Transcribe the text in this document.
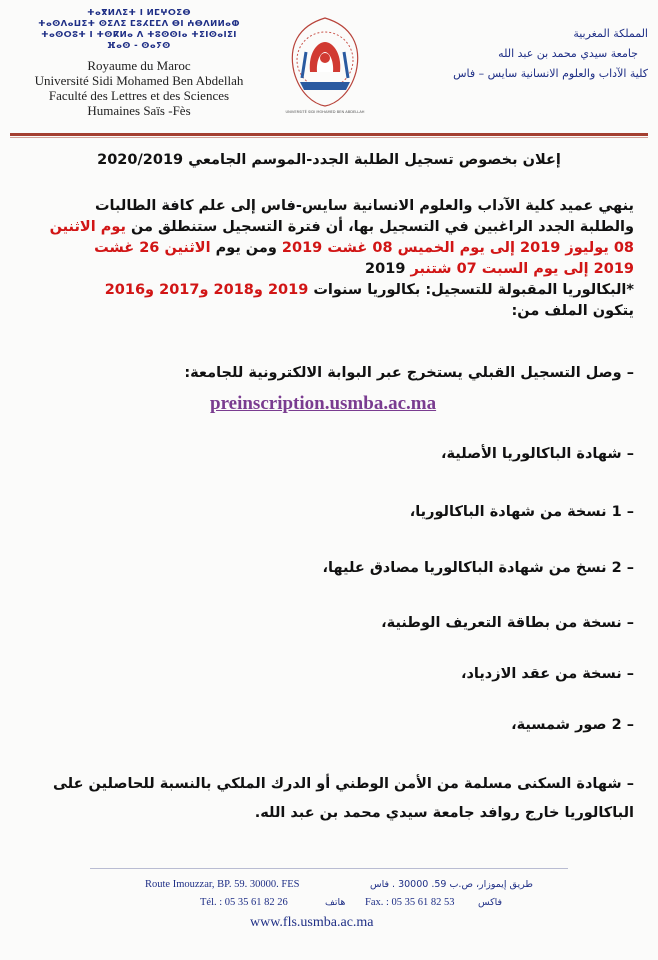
ⵜⴰⴳⵍⴷⵉⵜ ⵏ ⵍⵎⵖⵔⵉⴱ
ⵜⴰⵙⴷⴰⵡⵉⵜ ⵙⵉⴷⵉ ⵎⵓⵃⵎⵎⴷ ⴱⵏ ⵄⴱⴷⵍⵍⴰⵀ
ⵜⴰⵙⵔⵓⵜ ⵏ ⵜⵙⴽⵍⴰ ⴷ ⵜⵓⵙⵙⵏⴰ ⵜⵉⵏⵙⴰⵏⵉⵏ
ⴼⴰⵙ - ⵙⴰⵢⵙ
Royaume du Maroc
Université Sidi Mohamed Ben Abdellah
Faculté des Lettres et des Sciences
Humaines Saïs -Fès	UNIVERSITÉ SIDI MOHAMED BEN ABDELLAH
المملكة المغربية
جامعة سيدي محمد بن عبد الله
كلية الآداب والعلوم الانسانية سايس – فاس
إعلان بخصوص تسجيل الطلبة الجدد-الموسم الجامعي 2020/2019
ينهي عميد كلية الآداب والعلوم الانسانية سايس-فاس إلى علم كافة الطالبات
والطلبة الجدد الراغبين في التسجيل بها، أن فترة التسجيل ستنطلق من يوم الاثنين
08 يوليوز 2019 إلى يوم الخميس 08 غشت 2019 ومن يوم الاثنين 26 غشت
2019 إلى يوم السبت 07 شتنبر 2019
*البكالوريا المقبولة للتسجيل: بكالوريا سنوات 2019 و2018 و2017 و2016
يتكون الملف من:
– وصل التسجيل القبلي يستخرج عبر البوابة الالكترونية للجامعة:
preinscription.usmba.ac.ma
– شهادة الباكالوريا الأصلية،
– 1 نسخة من شهادة الباكالوريا،
– 2 نسخ من شهادة الباكالوريا مصادق عليها،
– نسخة من بطاقة التعريف الوطنية،
– نسخة من عقد الازدياد،
– 2 صور شمسية،
– شهادة السكنى مسلمة من الأمن الوطني أو الدرك الملكي بالنسبة للحاصلين على
الباكالوريا خارج روافد جامعة سيدي محمد بن عبد الله.
Route Imouzzar, BP. 59. 30000. FES	طريق إيموزار، ص.ب 59. 30000 . فاس
Tél. : 05 35 61 82 26	هاتف Fax. : 05 35 61 82 53 فاكس
www.fls.usmba.ac.ma
